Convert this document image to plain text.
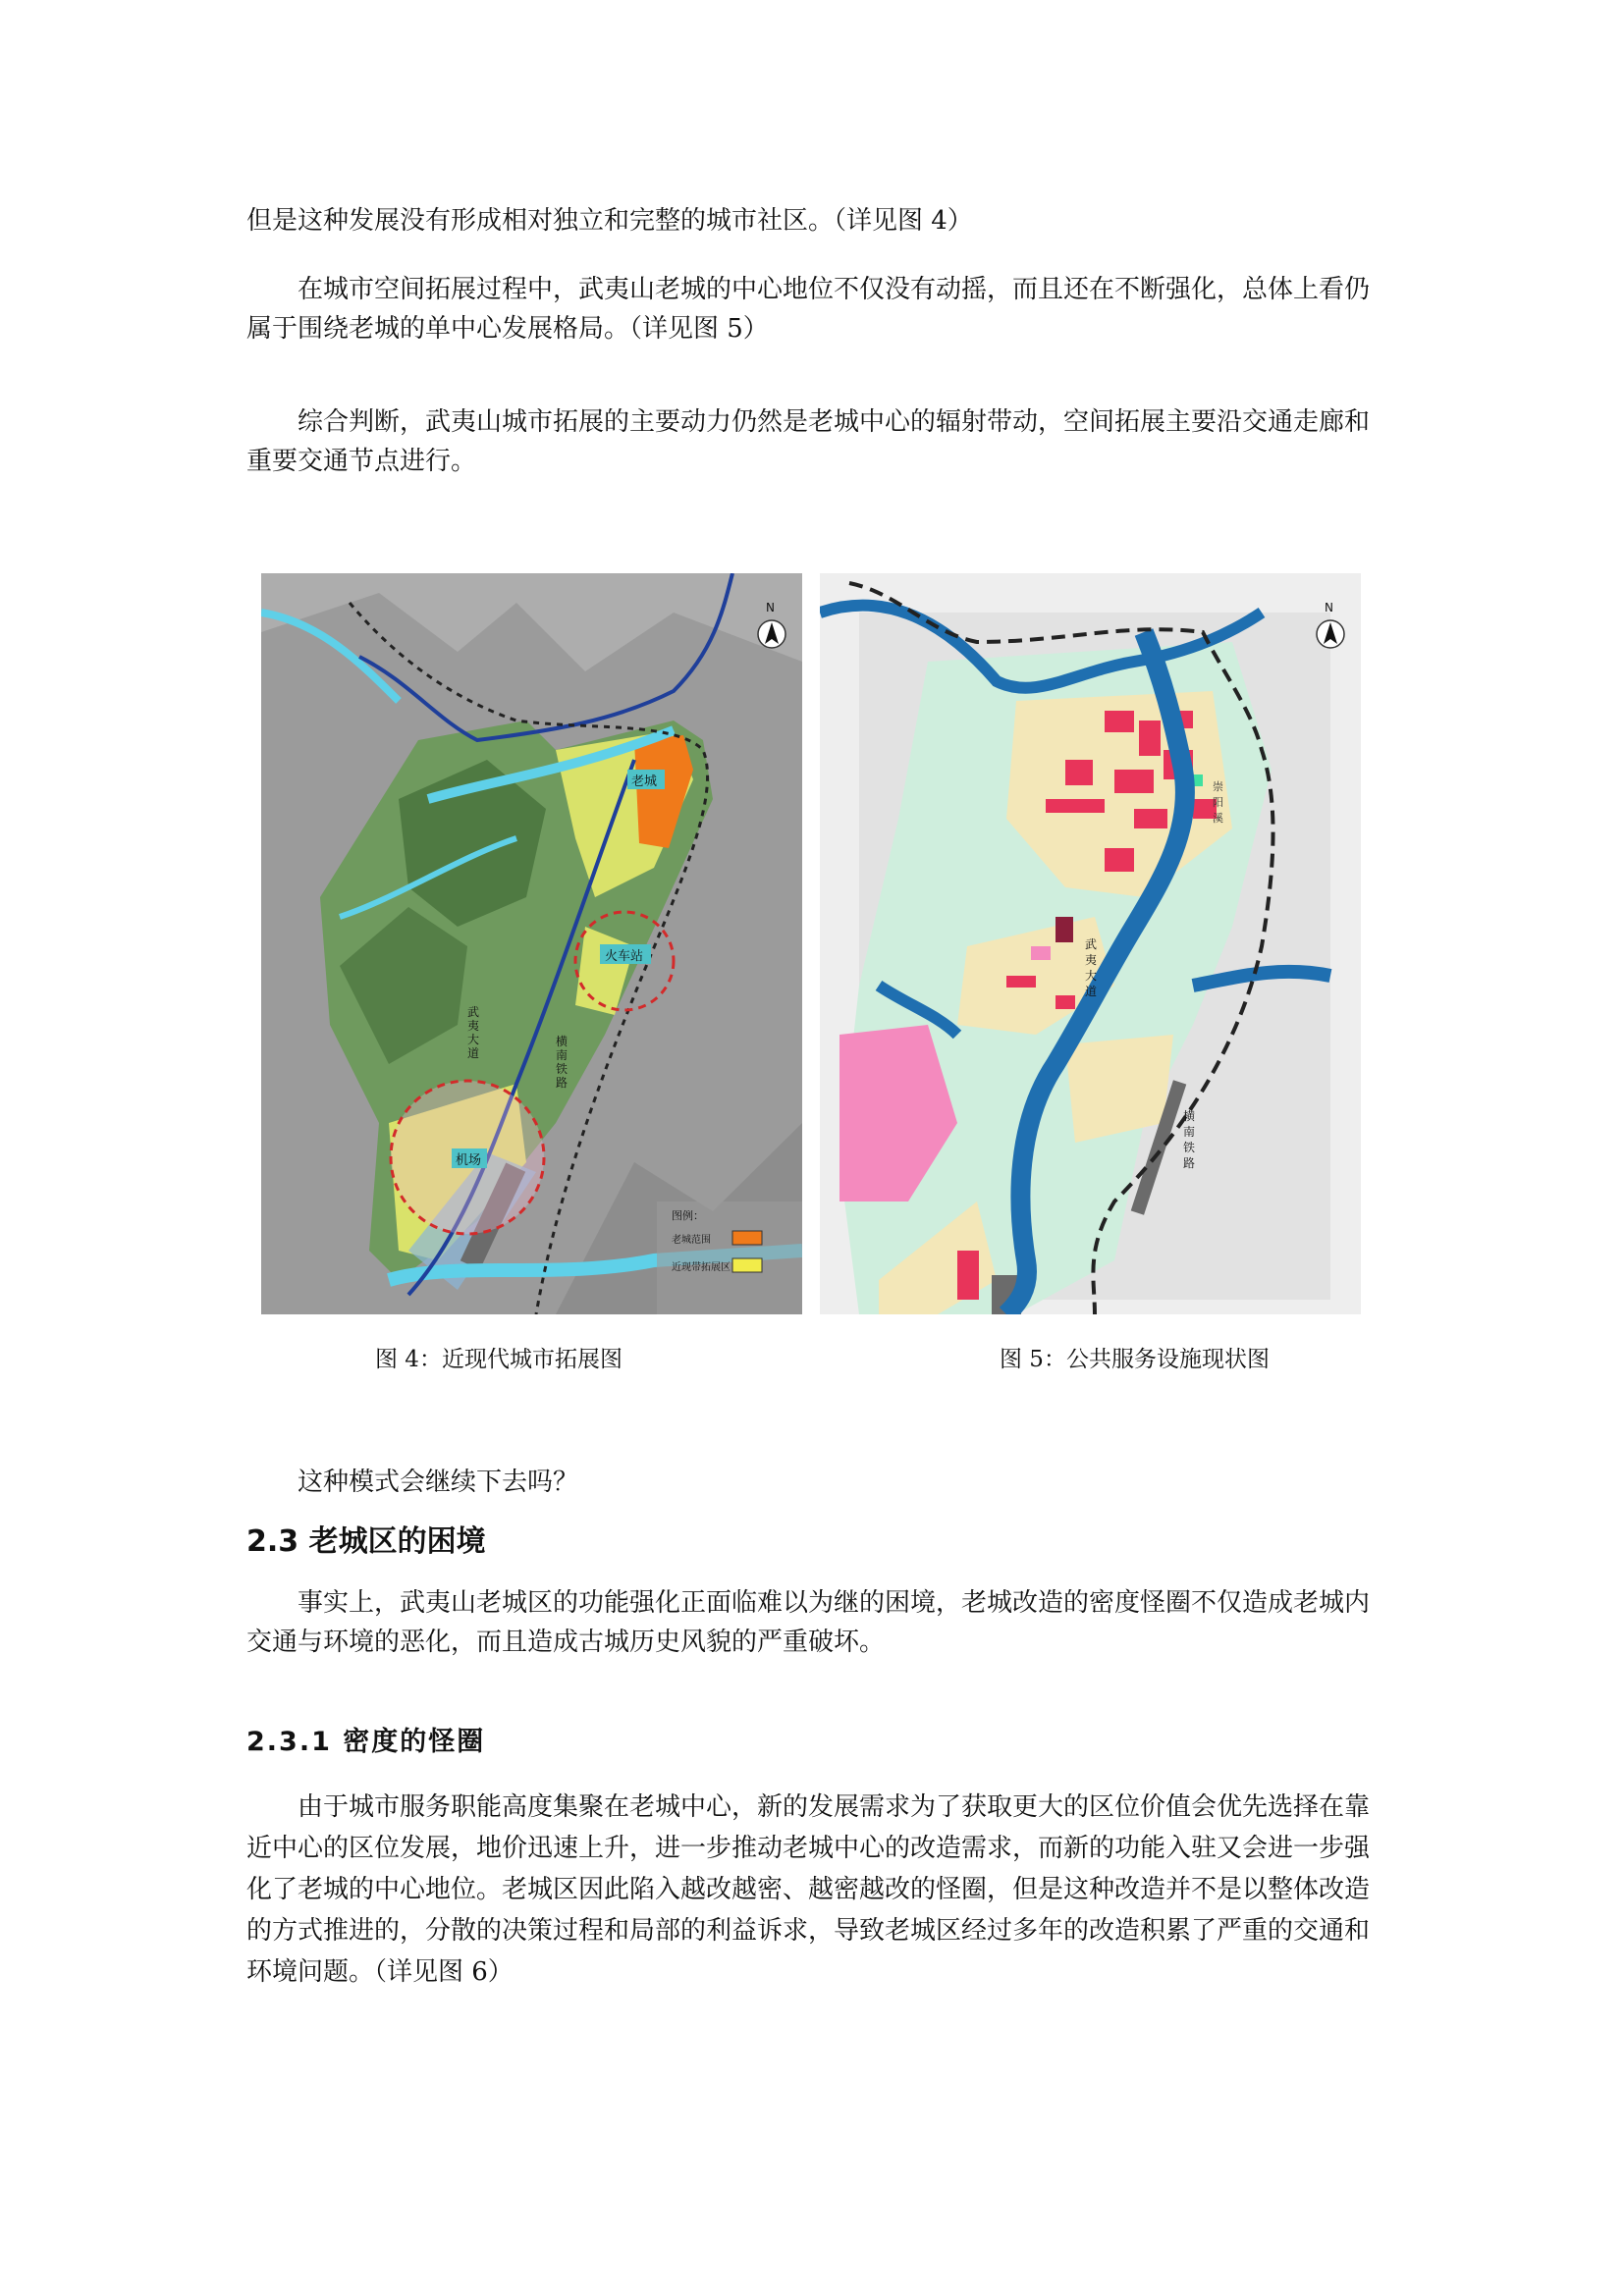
但是这种发展没有形成相对独立和完整的城市社区。（详见图 4）

在城市空间拓展过程中，武夷山老城的中心地位不仅没有动摇，而且还在不断强化，总体上看仍属于围绕老城的单中心发展格局。（详见图 5）

综合判断，武夷山城市拓展的主要动力仍然是老城中心的辐射带动，空间拓展主要沿交通走廊和重要交通节点进行。

N
老城
火车站
机场
武夷大道
横南铁路
图例：
老城范围
近现带拓展区
N
崇阳溪
武夷大道
横南铁路

图 4：近现代城市拓展图	图 5：公共服务设施现状图

这种模式会继续下去吗？

2.3 老城区的困境

事实上，武夷山老城区的功能强化正面临难以为继的困境，老城改造的密度怪圈不仅造成老城内交通与环境的恶化，而且造成古城历史风貌的严重破坏。

2.3.1 密度的怪圈

由于城市服务职能高度集聚在老城中心，新的发展需求为了获取更大的区位价值会优先选择在靠近中心的区位发展，地价迅速上升，进一步推动老城中心的改造需求，而新的功能入驻又会进一步强化了老城的中心地位。老城区因此陷入越改越密、越密越改的怪圈，但是这种改造并不是以整体改造的方式推进的，分散的决策过程和局部的利益诉求，导致老城区经过多年的改造积累了严重的交通和环境问题。（详见图 6）
